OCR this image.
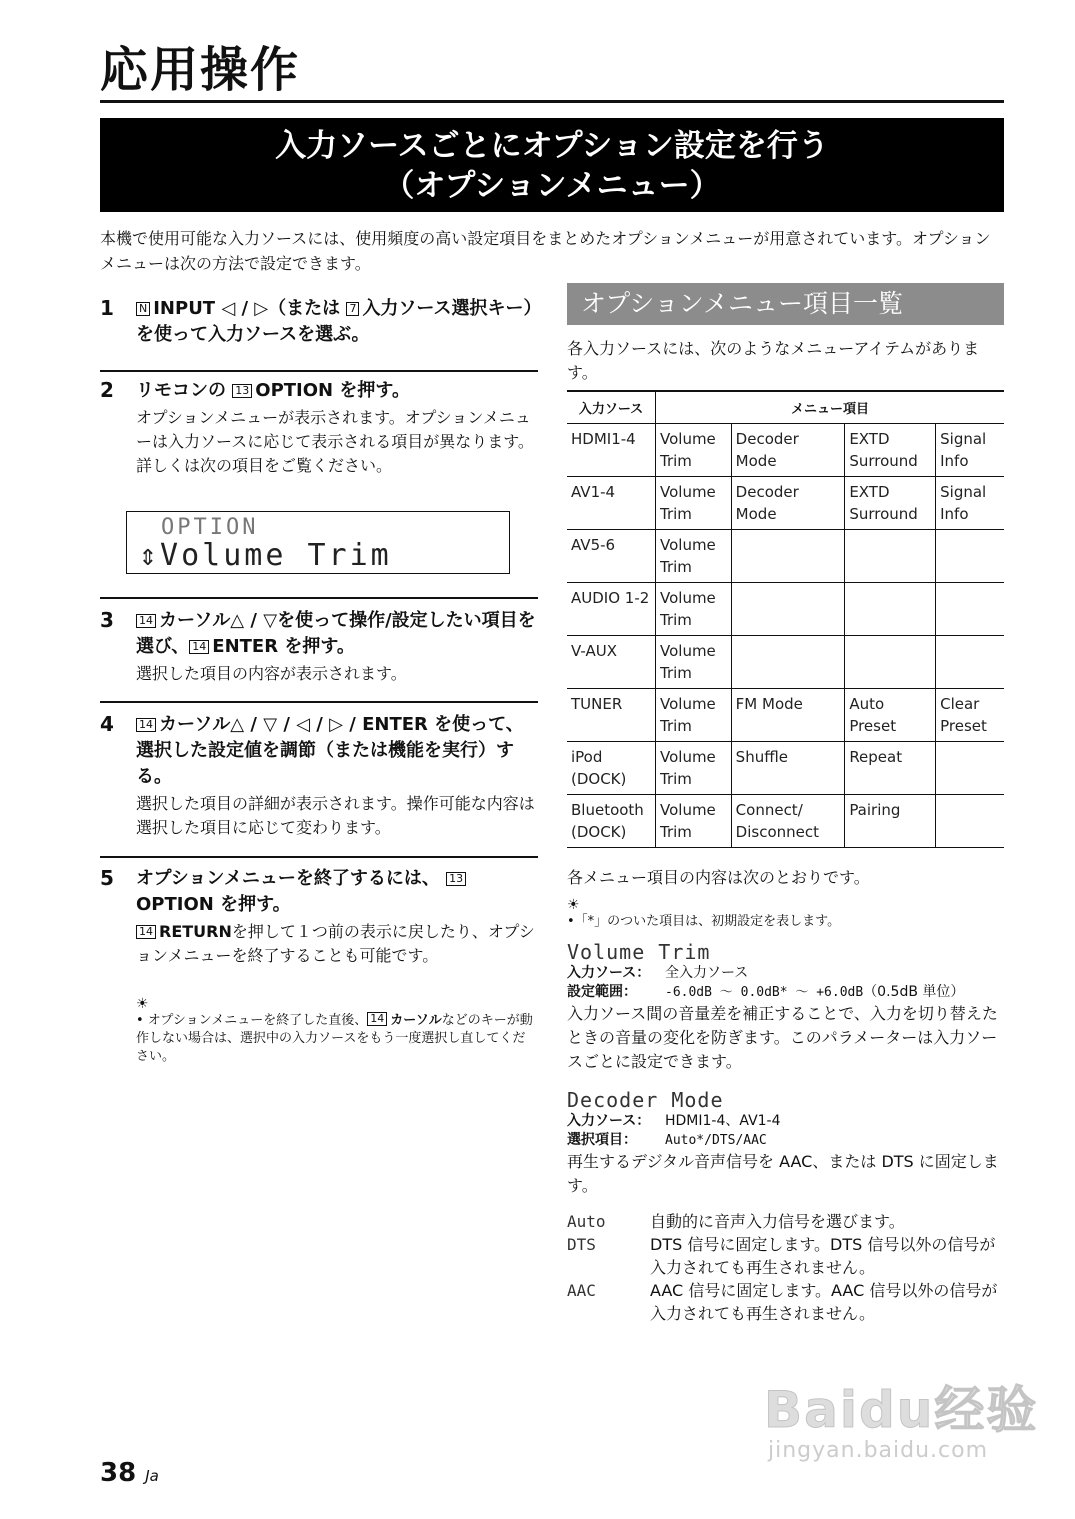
応用操作
入力ソースごとにオプション設定を行う
（オプションメニュー）
本機で使用可能な入力ソースには、使用頻度の高い設定項目をまとめたオプションメニューが用意されています。オプションメニューは次の方法で設定できます。
1 N INPUT ◁ / ▷（または 7 入力ソース選択キー）を使って入力ソースを選ぶ。
2 リモコンの 13 OPTION を押す。
オプションメニューが表示されます。オプションメニューは入力ソースに応じて表示される項目が異なります。詳しくは次の項目をご覧ください。
OPTION
⇕Volume Trim
3 14 カーソル△ / ▽を使って操作/設定したい項目を選び、 14 ENTER を押す。
選択した項目の内容が表示されます。
4 14 カーソル△ / ▽ / ◁ / ▷ / ENTER を使って、選択した設定値を調節（または機能を実行）する。
選択した項目の詳細が表示されます。操作可能な内容は選択した項目に応じて変わります。
5 オプションメニューを終了するには、 13OPTION を押す。
14 RETURNを押して１つ前の表示に戻したり、オプションメニューを終了することも可能です。
☀
• オプションメニューを終了した直後、 14 カーソルなどのキーが動作しない場合は、選択中の入力ソースをもう一度選択し直してください。
オプションメニュー項目一覧
各入力ソースには、次のようなメニューアイテムがあります。
入力ソース	メニュー項目			
HDMI1-4	Volume Trim	Decoder Mode	EXTD Surround	Signal Info
AV1-4	Volume Trim	Decoder Mode	EXTD Surround	Signal Info
AV5-6	Volume Trim			
AUDIO 1-2	Volume Trim			
V-AUX	Volume Trim			
TUNER	Volume Trim	FM Mode	Auto Preset	Clear Preset
iPod (DOCK)	Volume Trim	Shuffle	Repeat	
Bluetooth (DOCK)	Volume Trim	Connect/ Disconnect	Pairing	
各メニュー項目の内容は次のとおりです。
☀
•「*」のついた項目は、初期設定を表します。
Volume Trim
入力ソース： 全入力ソース
設定範囲： -6.0dB ～ 0.0dB* ～ +6.0dB（0.5dB 単位）
入力ソース間の音量差を補正することで、入力を切り替えたときの音量の変化を防ぎます。このパラメーターは入力ソースごとに設定できます。
Decoder Mode
入力ソース： HDMI1-4、AV1-4
選択項目： Auto*/DTS/AAC
再生するデジタル音声信号を AAC、または DTS に固定します。
Auto	自動的に音声入力信号を選びます。
DTS	DTS 信号に固定します。DTS 信号以外の信号が入力されても再生されません。
AAC	AAC 信号に固定します。AAC 信号以外の信号が入力されても再生されません。
38 Ja
Baidu经验
jingyan.baidu.com
